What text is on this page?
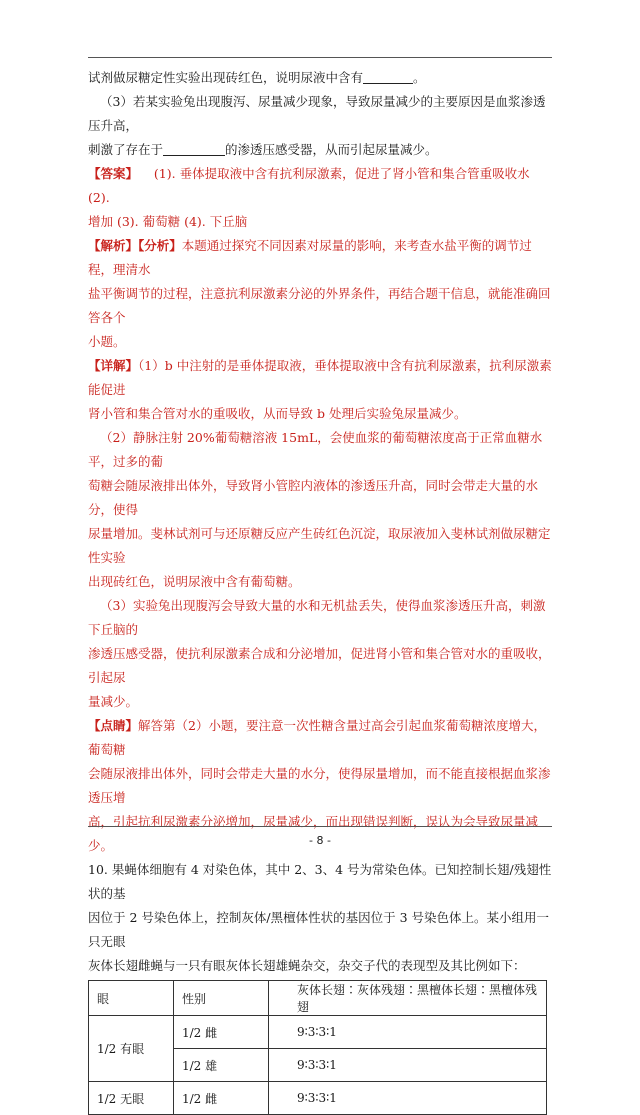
试剂做尿糖定性实验出现砖红色，说明尿液中含有	。

（3）若某实验兔出现腹泻、尿量减少现象，导致尿量减少的主要原因是血浆渗透压升高，

刺激了存在于	的渗透压感受器，从而引起尿量减少。

【答案】 (1). 垂体提取液中含有抗利尿激素，促进了肾小管和集合管重吸收水 (2).

增加 (3). 葡萄糖 (4). 下丘脑

【解析】【分析】本题通过探究不同因素对尿量的影响，来考查水盐平衡的调节过程，理清水

盐平衡调节的过程，注意抗利尿激素分泌的外界条件，再结合题干信息，就能准确回答各个

小题。

【详解】（1）b 中注射的是垂体提取液，垂体提取液中含有抗利尿激素，抗利尿激素能促进

肾小管和集合管对水的重吸收，从而导致 b 处理后实验兔尿量减少。

（2）静脉注射 20%葡萄糖溶液 15mL，会使血浆的葡萄糖浓度高于正常血糖水平，过多的葡

萄糖会随尿液排出体外，导致肾小管腔内液体的渗透压升高，同时会带走大量的水分，使得

尿量增加。斐林试剂可与还原糖反应产生砖红色沉淀，取尿液加入斐林试剂做尿糖定性实验

出现砖红色，说明尿液中含有葡萄糖。

（3）实验兔出现腹泻会导致大量的水和无机盐丢失，使得血浆渗透压升高，刺激下丘脑的

渗透压感受器，使抗利尿激素合成和分泌增加，促进肾小管和集合管对水的重吸收，引起尿

量减少。

【点睛】解答第（2）小题，要注意一次性糖含量过高会引起血浆葡萄糖浓度增大，葡萄糖

会随尿液排出体外，同时会带走大量的水分，使得尿量增加，而不能直接根据血浆渗透压增

高，引起抗利尿激素分泌增加，尿量减少，而出现错误判断，误认为会导致尿量减少。

10. 果蝇体细胞有 4 对染色体，其中 2、3、4 号为常染色体。已知控制长翅/残翅性状的基

因位于 2 号染色体上，控制灰体/黑檀体性状的基因位于 3 号染色体上。某小组用一只无眼

灰体长翅雌蝇与一只有眼灰体长翅雄蝇杂交，杂交子代的表现型及其比例如下：

眼	性别	灰体长翅∶灰体残翅∶黑檀体长翅∶黑檀体残翅
1/2 有眼	1/2 雌	9∶3∶3∶1
	1/2 雄	9∶3∶3∶1
1/2 无眼	1/2 雌	9∶3∶3∶1
- 8 -
